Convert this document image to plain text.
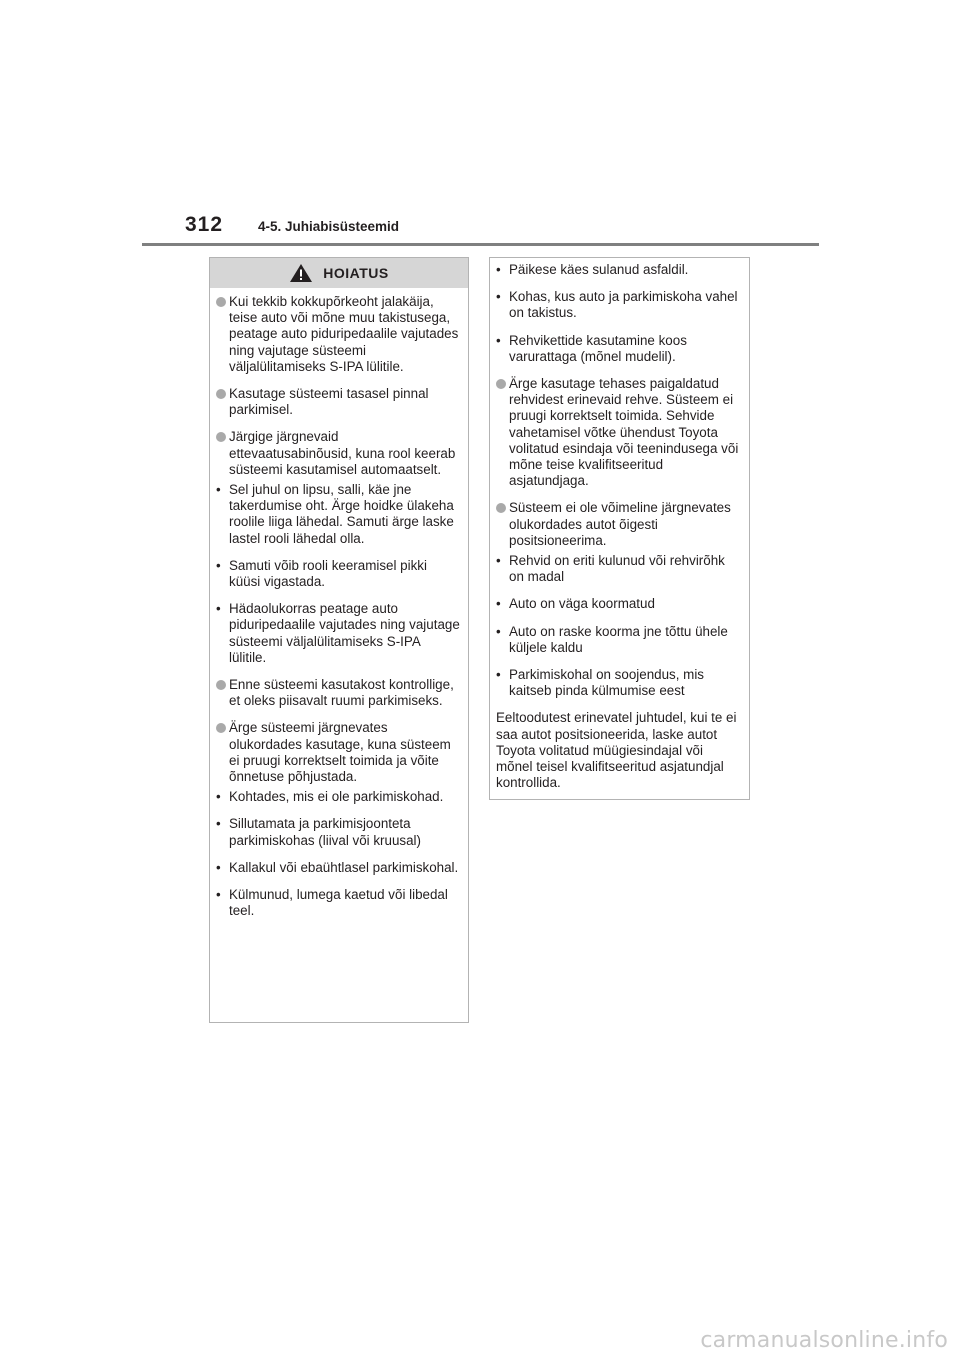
312	4-5. Juhiabisüsteemid
HOIATUS
Kui tekkib kokkupõrkeoht jalakäija, teise auto või mõne muu takistusega, peatage auto piduripedaalile vajutades ning vajutage süsteemi väljalülitamiseks S-IPA lülitile.
Kasutage süsteemi tasasel pinnal parkimisel.
Järgige järgnevaid ettevaatusabinõusid, kuna rool keerab süsteemi kasutamisel automaatselt.
• Sel juhul on lipsu, salli, käe jne takerdumise oht. Ärge hoidke ülakeha roolile liiga lähedal. Samuti ärge laske lastel rooli lähedal olla.
• Samuti võib rooli keeramisel pikki küüsi vigastada.
• Hädaolukorras peatage auto piduripedaalile vajutades ning vajutage süsteemi väljalülitamiseks S-IPA lülitile.
Enne süsteemi kasutakost kontrollige, et oleks piisavalt ruumi parkimiseks.
Ärge süsteemi järgnevates olukordades kasutage, kuna süsteem ei pruugi korrektselt toimida ja võite õnnetuse põhjustada.
• Kohtades, mis ei ole parkimiskohad.
• Sillutamata ja parkimisjoonteta parkimiskohas (liival või kruusal)
• Kallakul või ebaühtlasel parkimiskohal.
• Külmunud, lumega kaetud või libedal teel.
• Päikese käes sulanud asfaldil.
• Kohas, kus auto ja parkimiskoha vahel on takistus.
• Rehvikettide kasutamine koos varurattaga (mõnel mudelil).
Ärge kasutage tehases paigaldatud rehvidest erinevaid rehve. Süsteem ei pruugi korrektselt toimida. Sehvide vahetamisel võtke ühendust Toyota volitatud esindaja või teenindusega või mõne teise kvalifitseeritud asjatundjaga.
Süsteem ei ole võimeline järgnevates olukordades autot õigesti positsioneerima.
• Rehvid on eriti kulunud või rehvirõhk on madal
• Auto on väga koormatud
• Auto on raske koorma jne tõttu ühele küljele kaldu
• Parkimiskohal on soojendus, mis kaitseb pinda külmumise eest
Eeltoodutest erinevatel juhtudel, kui te ei saa autot positsioneerida, laske autot Toyota volitatud müügiesindajal või mõnel teisel kvalifitseeritud asjatundjal kontrollida.
carmanualsonline.info
